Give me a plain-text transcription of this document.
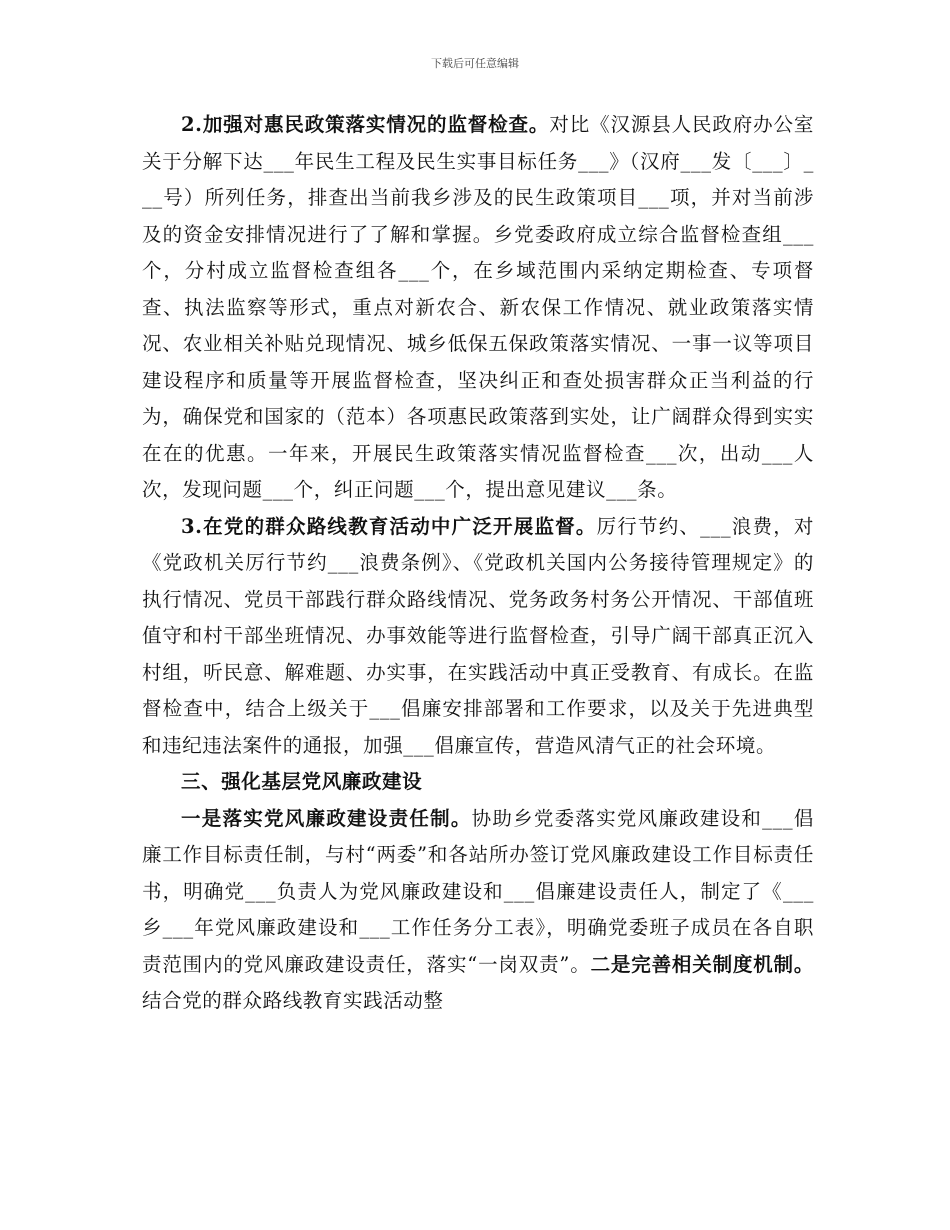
下载后可任意编辑

2.加强对惠民政策落实情况的监督检查。对比《汉源县人民政府办公室关于分解下达___年民生工程及民生实事目标任务___》（汉府___发〔___〕___号）所列任务，排查出当前我乡涉及的民生政策项目___项，并对当前涉及的资金安排情况进行了了解和掌握。乡党委政府成立综合监督检查组___个，分村成立监督检查组各___个，在乡域范围内采纳定期检查、专项督查、执法监察等形式，重点对新农合、新农保工作情况、就业政策落实情况、农业相关补贴兑现情况、城乡低保五保政策落实情况、一事一议等项目建设程序和质量等开展监督检查，坚决纠正和查处损害群众正当利益的行为，确保党和国家的（范本）各项惠民政策落到实处，让广阔群众得到实实在在的优惠。一年来，开展民生政策落实情况监督检查___次，出动___人次，发现问题___个，纠正问题___个，提出意见建议___条。

3.在党的群众路线教育活动中广泛开展监督。厉行节约、___浪费，对《党政机关厉行节约___浪费条例》、《党政机关国内公务接待管理规定》的执行情况、党员干部践行群众路线情况、党务政务村务公开情况、干部值班值守和村干部坐班情况、办事效能等进行监督检查，引导广阔干部真正沉入村组，听民意、解难题、办实事，在实践活动中真正受教育、有成长。在监督检查中，结合上级关于___倡廉安排部署和工作要求，以及关于先进典型和违纪违法案件的通报，加强___倡廉宣传，营造风清气正的社会环境。

三、强化基层党风廉政建设

一是落实党风廉政建设责任制。协助乡党委落实党风廉政建设和___倡廉工作目标责任制，与村“两委”和各站所办签订党风廉政建设工作目标责任书，明确党___负责人为党风廉政建设和___倡廉建设责任人，制定了《___乡___年党风廉政建设和___工作任务分工表》，明确党委班子成员在各自职责范围内的党风廉政建设责任，落实“一岗双责”。二是完善相关制度机制。结合党的群众路线教育实践活动整
